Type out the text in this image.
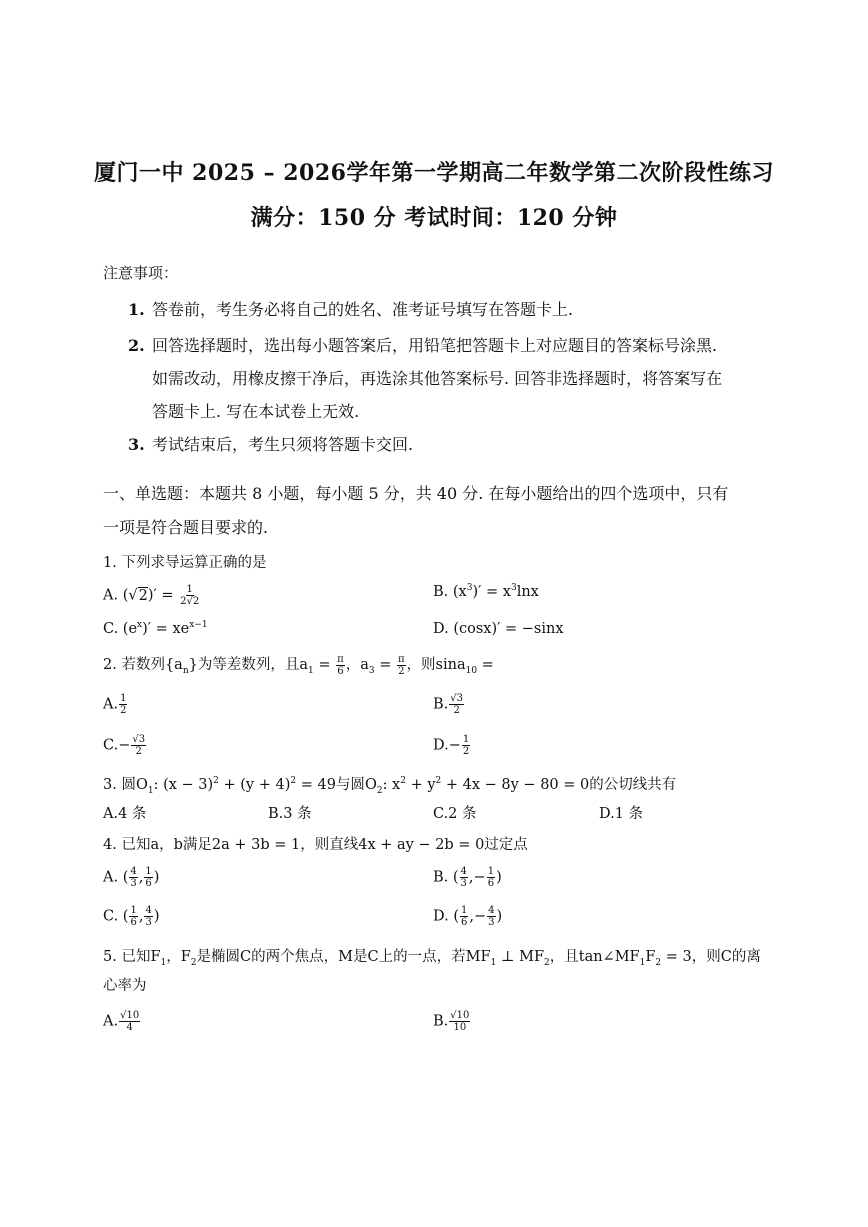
厦门一中 2025 – 2026学年第一学期高二年数学第二次阶段性练习
满分：150 分 考试时间：120 分钟
注意事项：
1. 答卷前，考生务必将自己的姓名、准考证号填写在答题卡上.
2. 回答选择题时，选出每小题答案后，用铅笔把答题卡上对应题目的答案标号涂黑.
如需改动，用橡皮擦干净后，再选涂其他答案标号. 回答非选择题时，将答案写在
答题卡上. 写在本试卷上无效.
3. 考试结束后，考生只须将答题卡交回.
一、单选题：本题共 8 小题，每小题 5 分，共 40 分. 在每小题给出的四个选项中，只有
一项是符合题目要求的.
1. 下列求导运算正确的是
A. $(√2)' = \frac{1}{2√2}$	B. $(x^3)' = x^3\ln x$
C. $(e^x)' = xe^{x-1}$	D. (cosx)′ = −sinx
2. 若数列$\{a_n\}$为等差数列，且$a_1 = \frac{\pi}{6}$ ，$a_3 = \frac{\pi}{2}$ ，则sina$_{10}$ =
A. $\frac{1}{2}$	B. $\frac{√3}{2}$
$C.- \frac{√3}{2}$	$D.- \frac{1}{2}$
3. 圆$O_1$: $(x - 3)^2 + (y + 4)^2 = 49$与圆$O_2$: $x^2 + y^2 + 4x - 8y - 80 = 0$的公切线共有
A.4 条	B.3 条	C.2 条	D.1 条
4. 已知a，b满足2a + 3b = 1，则直线4x + ay − 2b = 0过定点
A. ( $\frac{4}{3}$ , $\frac{1}{6}$ )	B. ( $\frac{4}{3}$ ,− $\frac{1}{6}$ )
C. ( $\frac{1}{6}$ , $\frac{4}{3}$ )	D. ( $\frac{1}{6}$ ,− $\frac{4}{3}$ )
5. 已知$F_1$，$F_2$是椭圆C的两个焦点，M是C上的一点，若$MF_1$ ⊥ $MF_2$，且$\tan\angle MF_1F_2 = 3$，则C的离
心率为
A. $\frac{√10}{4}$	B. $\frac{√10}{10}$
